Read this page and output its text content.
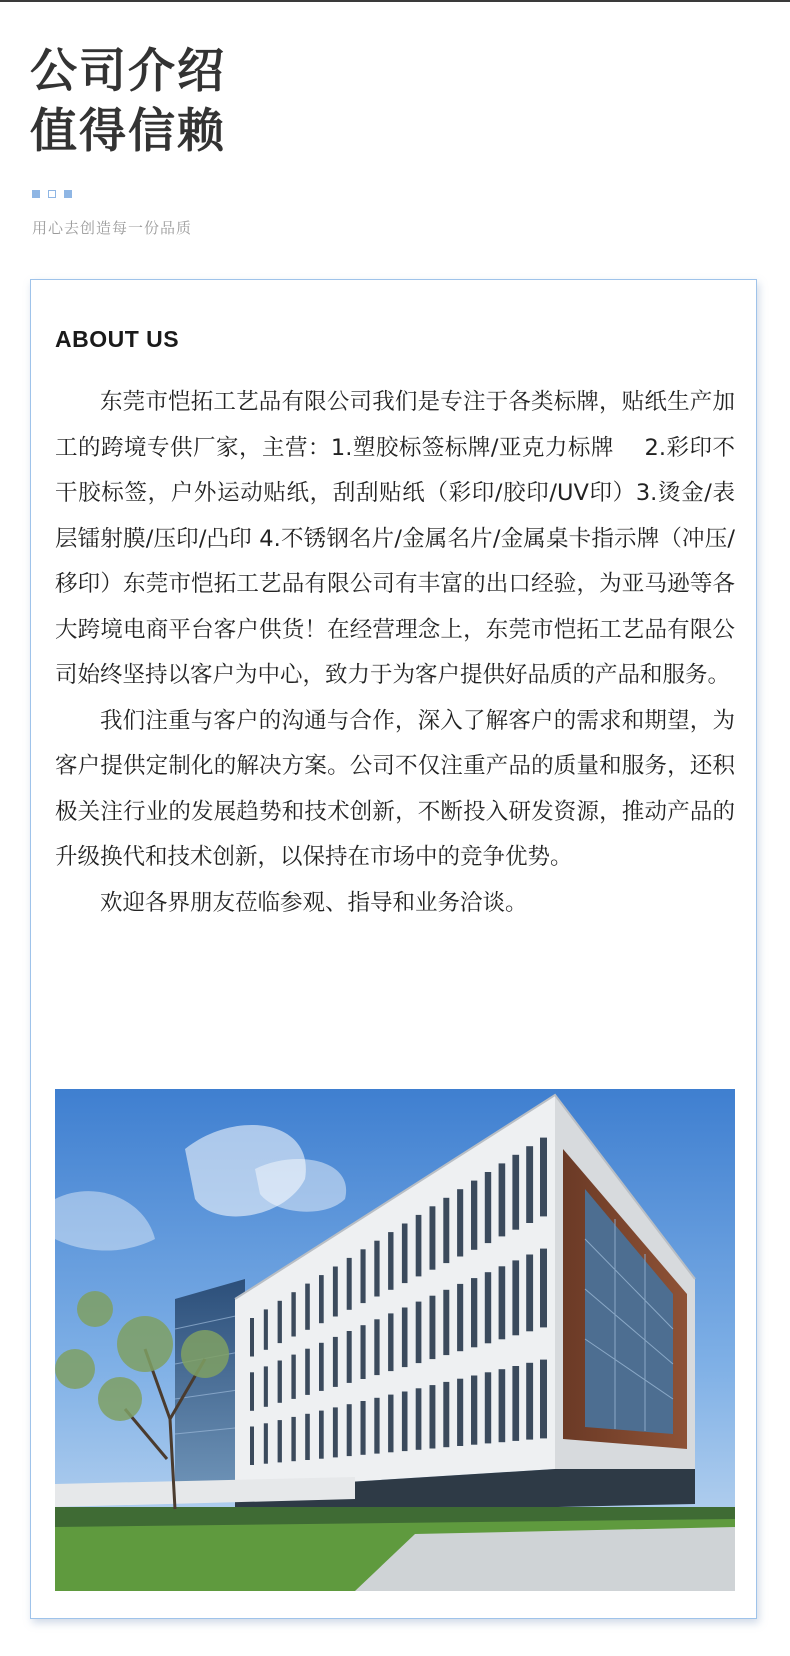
公司介绍
值得信赖
用心去创造每一份品质
ABOUT US

东莞市恺拓工艺品有限公司我们是专注于各类标牌，贴纸生产加工的跨境专供厂家，主营：1.塑胶标签标牌/亚克力标牌　 2.彩印不干胶标签，户外运动贴纸，刮刮贴纸（彩印/胶印/UV印）3.烫金/表层镭射膜/压印/凸印 4.不锈钢名片/金属名片/金属桌卡指示牌（冲压/移印）东莞市恺拓工艺品有限公司有丰富的出口经验，为亚马逊等各大跨境电商平台客户供货！在经营理念上，东莞市恺拓工艺品有限公司始终坚持以客户为中心，致力于为客户提供好品质的产品和服务。

我们注重与客户的沟通与合作，深入了解客户的需求和期望，为客户提供定制化的解决方案。公司不仅注重产品的质量和服务，还积极关注行业的发展趋势和技术创新，不断投入研发资源，推动产品的升级换代和技术创新，以保持在市场中的竞争优势。

欢迎各界朋友莅临参观、指导和业务洽谈。
